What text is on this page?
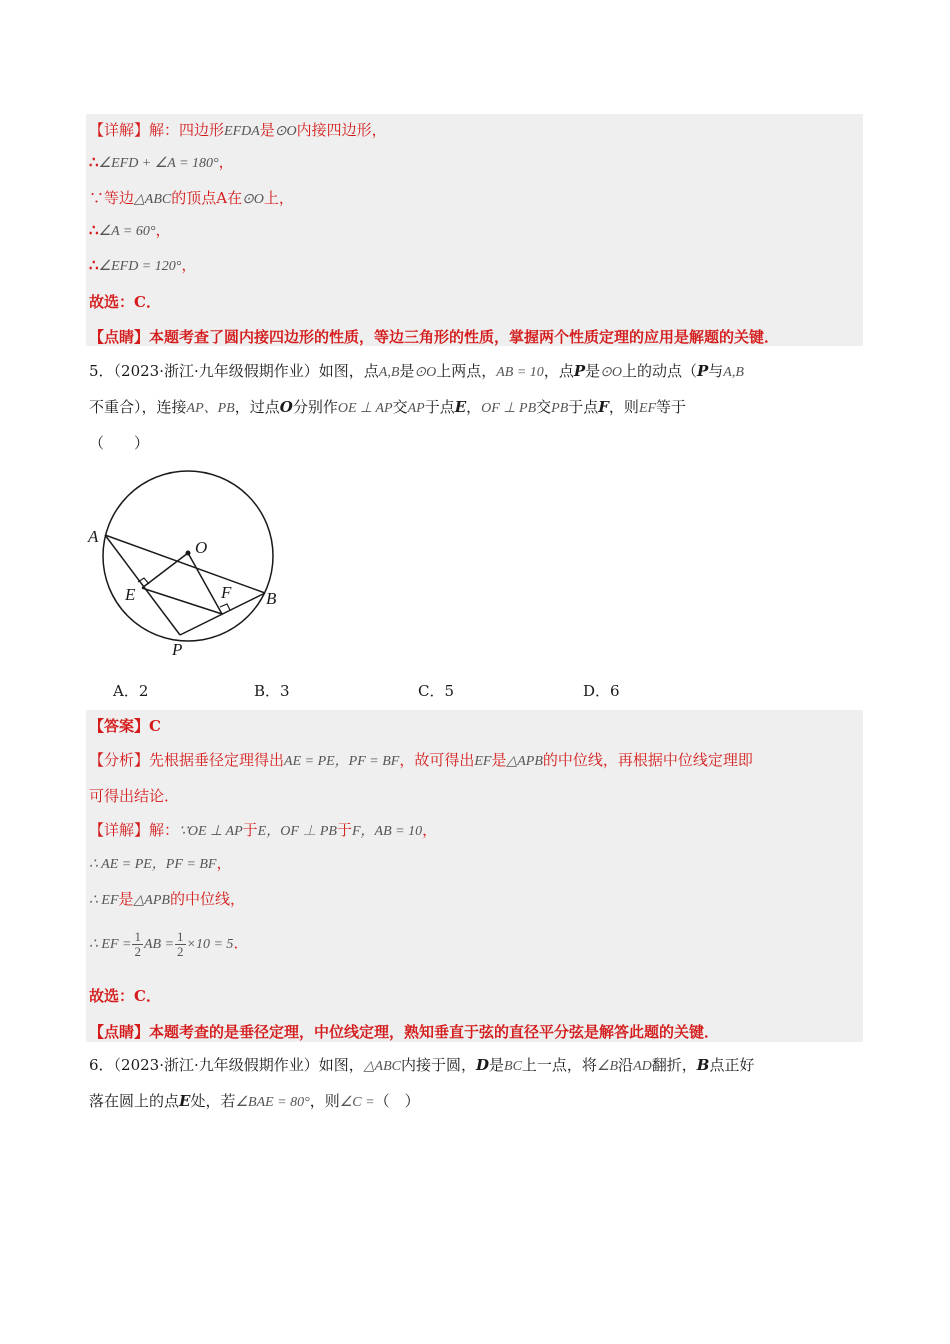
【详解】解：四边形EFDA是⊙O内接四边形，
∴∠EFD + ∠A = 180°，
∵等边△ABC的顶点A在⊙O上，
∴∠A = 60°，
∴∠EFD = 120°，
故选：C．
【点睛】本题考查了圆内接四边形的性质，等边三角形的性质，掌握两个性质定理的应用是解题的关键．
5．（2023·浙江·九年级假期作业）如图，点A,B是⊙O上两点，AB = 10，点P是⊙O上的动点（P与A,B
不重合），连接AP、PB，过点O分别作OE ⊥ AP交AP于点E，OF ⊥ PB交PB于点F，则EF等于
（　　）
A
O
E	F B
P
A．2	B．3	C．5	D．6
【答案】C
【分析】先根据垂径定理得出AE = PE，PF = BF，故可得出EF是△APB的中位线，再根据中位线定理即
可得出结论．
【详解】解：∵OE ⊥ AP于E，OF ⊥ PB于F，AB = 10，
∴ AE = PE，PF = BF，
∴ EF是△APB的中位线，
∴ EF = $\frac{1}{2}$ AB = $\frac{1}{2} \times 10 = 5$．
故选：C．
【点睛】本题考查的是垂径定理，中位线定理，熟知垂直于弦的直径平分弦是解答此题的关键．
6．（2023·浙江·九年级假期作业）如图，△ABC内接于圆，D是BC上一点，将∠B沿AD翻折，B点正好
落在圆上的点E处，若∠BAE = 80°，则∠C =（　）
